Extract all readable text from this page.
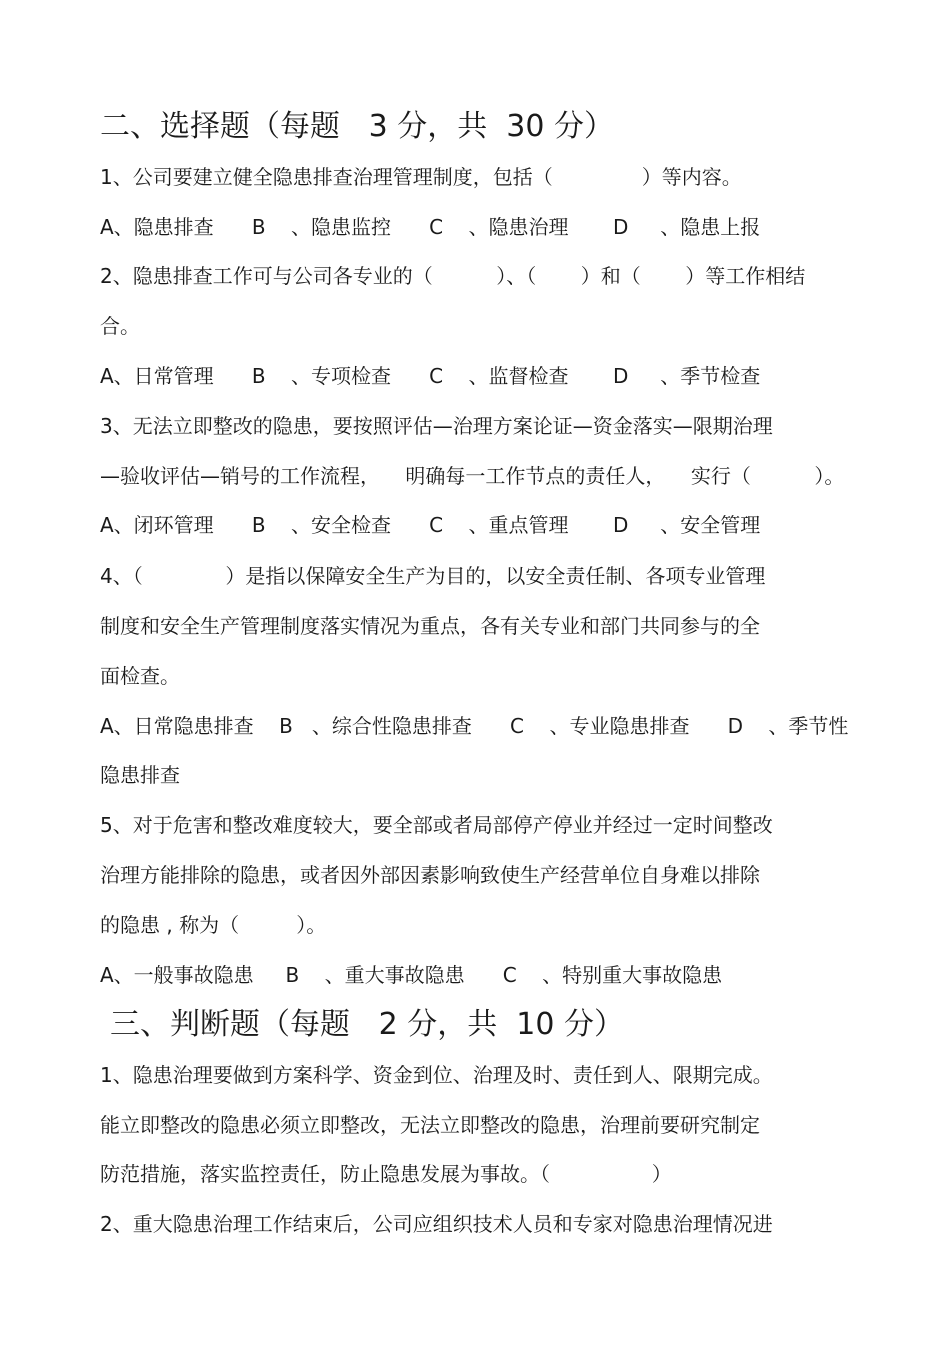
二、选择题（每题   3 分，共  30 分）

1、公司要建立健全隐患排查治理管理制度，包括（              ）等内容。

A、隐患排查      B    、隐患监控      C    、隐患治理       D     、隐患上报

2、隐患排查工作可与公司各专业的（          ）、（       ）和（       ）等工作相结

合。

A、日常管理      B    、专项检查      C    、监督检查       D     、季节检查

3、无法立即整改的隐患，要按照评估—治理方案论证—资金落实—限期治理

—验收评估—销号的工作流程，    明确每一工作节点的责任人，    实行（          ）。

A、闭环管理      B    、安全检查      C    、重点管理       D     、安全管理

4、（             ）是指以保障安全生产为目的，以安全责任制、各项专业管理

制度和安全生产管理制度落实情况为重点，各有关专业和部门共同参与的全

面检查。

A、日常隐患排查    B   、综合性隐患排查      C    、专业隐患排查      D    、季节性

隐患排查

5、对于危害和整改难度较大，要全部或者局部停产停业并经过一定时间整改

治理方能排除的隐患，或者因外部因素影响致使生产经营单位自身难以排除

的隐患 , 称为（         ）。

A、一般事故隐患     B    、重大事故隐患      C    、特别重大事故隐患

三、判断题（每题   2 分，共  10 分）

1、隐患治理要做到方案科学、资金到位、治理及时、责任到人、限期完成。

能立即整改的隐患必须立即整改，无法立即整改的隐患，治理前要研究制定

防范措施，落实监控责任，防止隐患发展为事故。（                ）

2、重大隐患治理工作结束后，公司应组织技术人员和专家对隐患治理情况进
